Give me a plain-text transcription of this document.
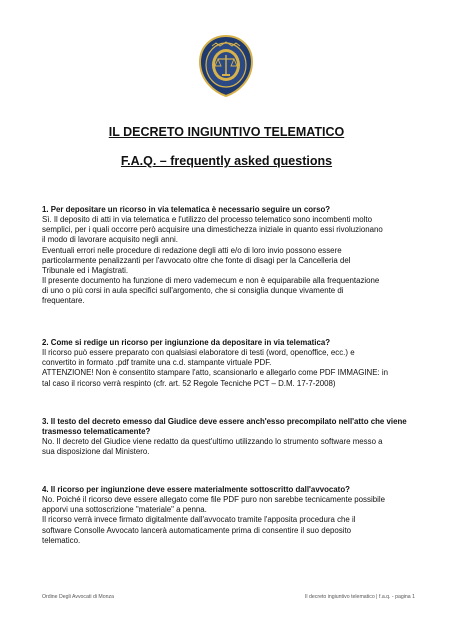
IL DECRETO INGIUNTIVO TELEMATICO
F.A.Q. – frequently asked questions

1. Per depositare un ricorso in via telematica è necessario seguire un corso?

Sì. Il deposito di atti in via telematica e l'utilizzo del processo telematico sono incombenti molto

semplici, per i quali occorre però acquisire una dimestichezza iniziale in quanto essi rivoluzionano

il modo di lavorare acquisito negli anni.

Eventuali errori nelle procedure di redazione degli atti e/o di loro invio possono essere

particolarmente penalizzanti per l'avvocato oltre che fonte di disagi per la Cancelleria del

Tribunale ed i Magistrati.

Il presente documento ha funzione di mero vademecum e non è equiparabile alla frequentazione

di uno o più corsi in aula specifici sull'argomento, che si consiglia dunque vivamente di

frequentare.

2. Come si redige un ricorso per ingiunzione da depositare in via telematica?

Il ricorso può essere preparato con qualsiasi elaboratore di testi (word, openoffice, ecc.) e

convertito in formato .pdf tramite una c.d. stampante virtuale PDF.

ATTENZIONE! Non è consentito stampare l'atto, scansionarlo e allegarlo come PDF IMMAGINE: in

tal caso il ricorso verrà respinto (cfr. art. 52 Regole Tecniche PCT – D.M. 17-7-2008)

3. Il testo del decreto emesso dal Giudice deve essere anch'esso precompilato nell'atto che viene trasmesso telematicamente?

No. Il decreto del Giudice viene redatto da quest'ultimo utilizzando lo strumento software messo a

sua disposizione dal Ministero.

4. Il ricorso per ingiunzione deve essere materialmente sottoscritto dall'avvocato?

No. Poiché il ricorso deve essere allegato come file PDF puro non sarebbe tecnicamente possibile

apporvi una sottoscrizione "materiale" a penna.

Il ricorso verrà invece firmato digitalmente dall'avvocato tramite l'apposita procedura che il

software Consolle Avvocato lancerà automaticamente prima di consentire il suo deposito

telematico.

Ordine Degli Avvocati di Monza	Il decreto ingiuntivo telematico | f.a.q. - pagina 1
